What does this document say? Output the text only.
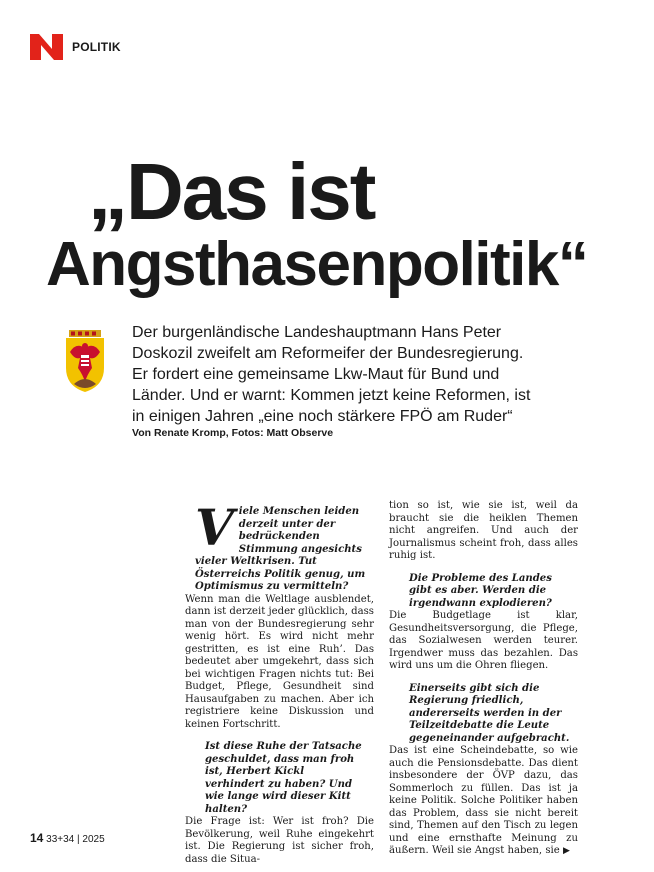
POLITIK
„Das ist
Angsthasenpolitik“
Der burgenländische Landeshauptmann Hans Peter
Doskozil zweifelt am Reformeifer der Bundesregierung.
Er fordert eine gemeinsame Lkw-Maut für Bund und
Länder. Und er warnt: Kommen jetzt keine Reformen, ist
in einigen Jahren „eine noch stärkere FPÖ am Ruder“
Von Renate Kromp, Fotos: Matt Observe
Viele Menschen leiden derzeit unter der bedrückenden Stimmung angesichts vieler Weltkrisen. Tut Österreichs Politik genug, um Optimismus zu vermitteln?

Wenn man die Weltlage ausblendet, dann ist derzeit jeder glücklich, dass man von der Bundesregierung sehr wenig hört. Es wird nicht mehr gestritten, es ist eine Ruh’. Das bedeutet aber umgekehrt, dass sich bei wichtigen Fragen nichts tut: Bei Budget, Pflege, Gesundheit sind Hausaufgaben zu machen. Aber ich registriere keine Diskussion und keinen Fortschritt.

Ist diese Ruhe der Tatsache geschuldet, dass man froh ist, Herbert Kickl verhindert zu haben? Und wie lange wird dieser Kitt halten?

Die Frage ist: Wer ist froh? Die Bevölkerung, weil Ruhe eingekehrt ist. Die Regierung ist sicher froh, dass die Situa-

tion so ist, wie sie ist, weil da braucht sie die heiklen Themen nicht angreifen. Und auch der Journalismus scheint froh, dass alles ruhig ist.

Die Probleme des Landes gibt es aber. Werden die irgendwann explodieren?

Die Budgetlage ist klar, Gesundheitsversorgung, die Pflege, das Sozialwesen werden teurer. Irgendwer muss das bezahlen. Das wird uns um die Ohren fliegen.

Einerseits gibt sich die Regierung friedlich, andererseits werden in der Teilzeitdebatte die Leute gegeneinander aufgebracht.

Das ist eine Scheindebatte, so wie auch die Pensionsdebatte. Das dient insbesondere der ÖVP dazu, das Sommerloch zu füllen. Das ist ja keine Politik. Solche Politiker haben das Problem, dass sie nicht bereit sind, Themen auf den Tisch zu legen und eine ernsthafte Meinung zu äußern. Weil sie Angst haben, sie ▶

14 33+34 | 2025
